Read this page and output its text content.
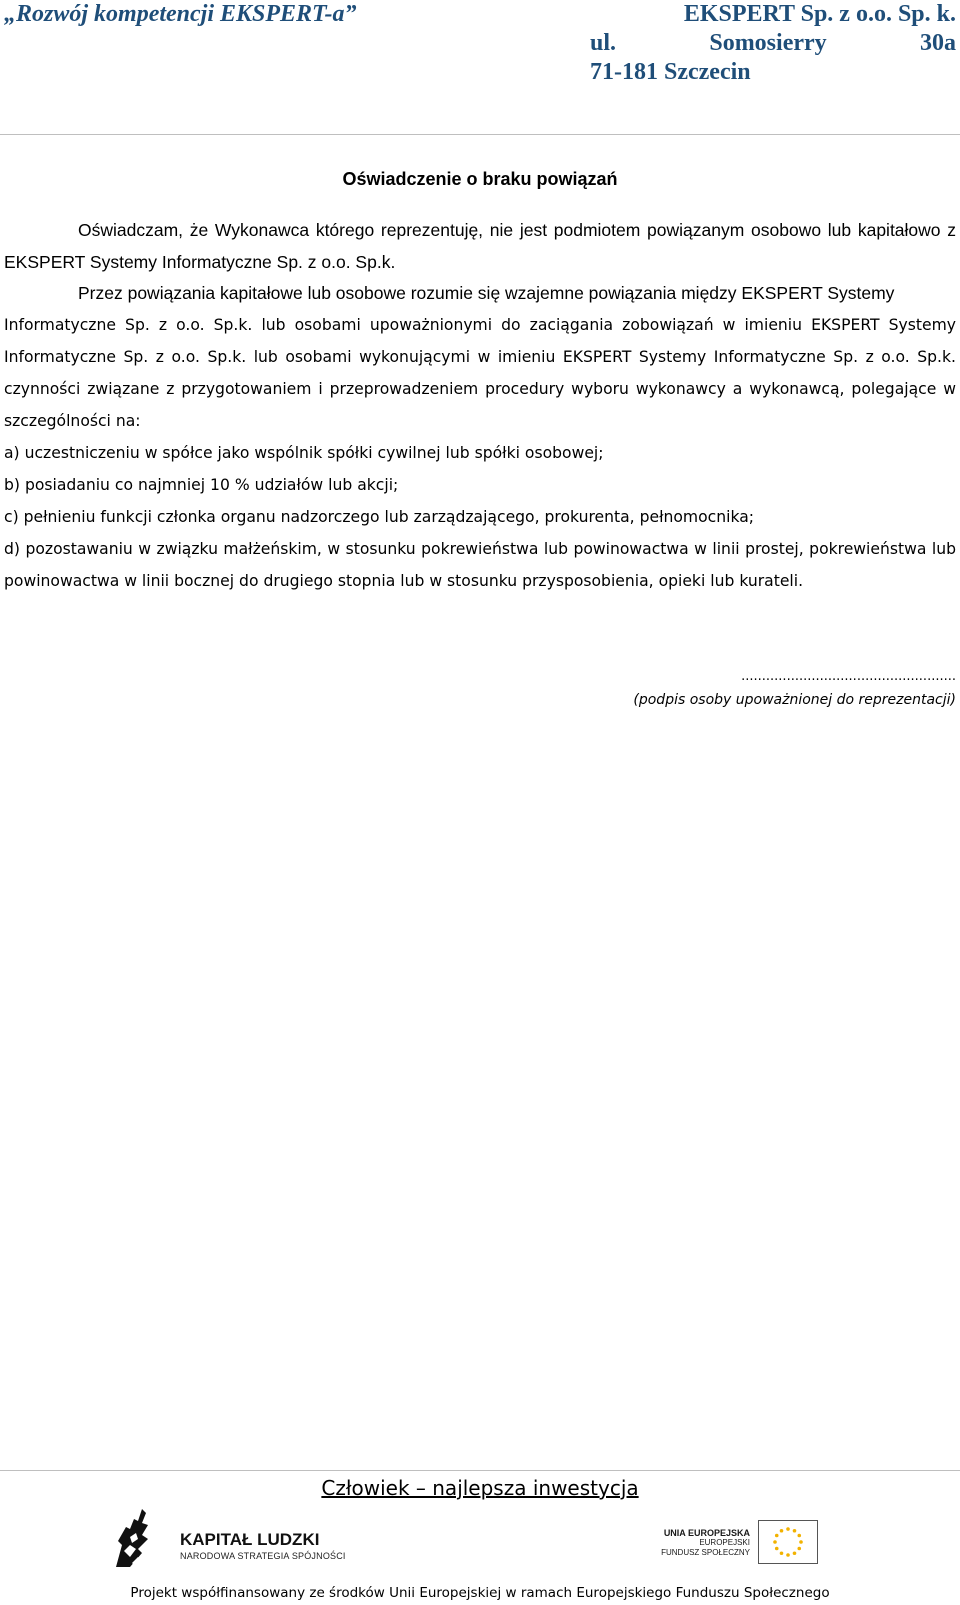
„Rozwój kompetencji EKSPERT-a”	EKSPERT Sp. z o.o. Sp. k.
ul.	Somosierry	30a
71-181 Szczecin
Oświadczenie o braku powiązań
Oświadczam, że Wykonawca którego reprezentuję, nie jest podmiotem powiązanym osobowo lub kapitałowo z EKSPERT Systemy Informatyczne Sp. z o.o. Sp.k.
Przez powiązania kapitałowe lub osobowe rozumie się wzajemne powiązania między EKSPERT Systemy
Informatyczne Sp. z o.o. Sp.k. lub osobami upoważnionymi do zaciągania zobowiązań w imieniu EKSPERT Systemy Informatyczne Sp. z o.o. Sp.k. lub osobami wykonującymi w imieniu EKSPERT Systemy Informatyczne Sp. z o.o. Sp.k. czynności związane z przygotowaniem i przeprowadzeniem procedury wyboru wykonawcy a wykonawcą, polegające w szczególności na:
a) uczestniczeniu w spółce jako wspólnik spółki cywilnej lub spółki osobowej;
b) posiadaniu co najmniej 10 % udziałów lub akcji;
c) pełnieniu funkcji członka organu nadzorczego lub zarządzającego, prokurenta, pełnomocnika;
d) pozostawaniu w związku małżeńskim, w stosunku pokrewieństwa lub powinowactwa w linii prostej, pokrewieństwa lub powinowactwa w linii bocznej do drugiego stopnia lub w stosunku przysposobienia, opieki lub kurateli.
....................................................
(podpis osoby upoważnionej do reprezentacji)
Człowiek – najlepsza inwestycja
KAPITAŁ LUDZKI
NARODOWA STRATEGIA SPÓJNOŚCI
UNIA EUROPEJSKA
EUROPEJSKI
FUNDUSZ SPOŁECZNY
Projekt współfinansowany ze środków Unii Europejskiej w ramach Europejskiego Funduszu Społecznego
